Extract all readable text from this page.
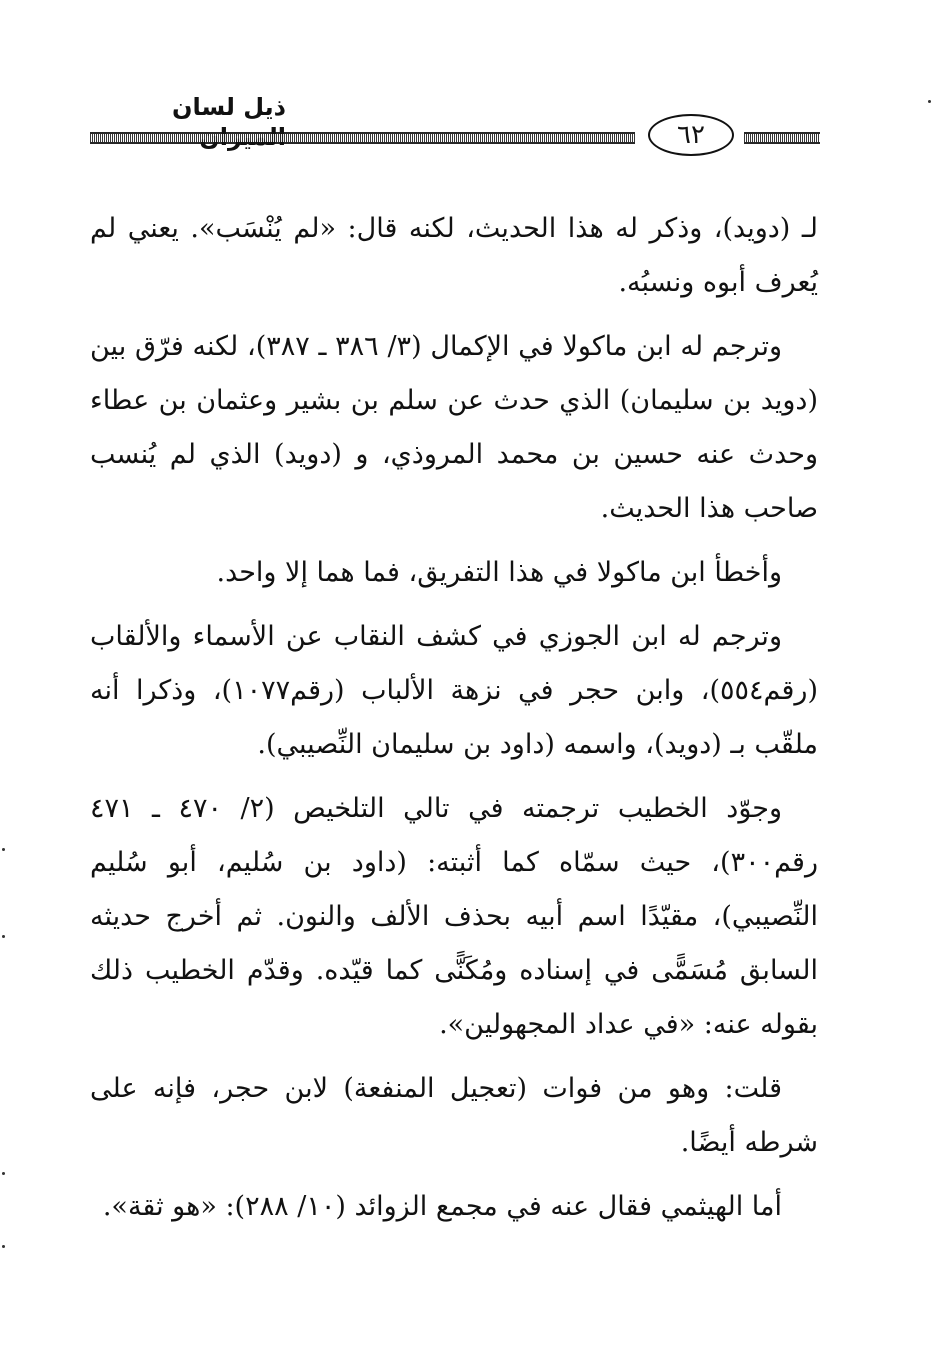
ذيل لسان
٦٢

لـ (دويد)، وذكر له هذا الحديث، لكنه قال: «لم يُنْسَب». يعني لم يُعرف أبوه ونسبُه.

وترجم له ابن ماكولا في الإكمال (٣/ ٣٨٦ ـ ٣٨٧)، لكنه فرّق بين (دويد بن سليمان) الذي حدث عن سلم بن بشير وعثمان بن عطاء وحدث عنه حسين بن محمد المروذي، و (دويد) الذي لم يُنسب صاحب هذا الحديث.

وأخطأ ابن ماكولا في هذا التفريق، فما هما إلا واحد.

وترجم له ابن الجوزي في كشف النقاب عن الأسماء والألقاب (رقم٥٥٤)، وابن حجر في نزهة الألباب (رقم١٠٧٧)، وذكرا أنه ملقّب بـ (دويد)، واسمه (داود بن سليمان النِّصيبي).

وجوّد الخطيب ترجمته في تالي التلخيص (٢/ ٤٧٠ ـ ٤٧١ رقم٣٠٠)، حيث سمّاه كما أثبته: (داود بن سُليم، أبو سُليم النِّصيبي)، مقيّدًا اسم أبيه بحذف الألف والنون. ثم أخرج حديثه السابق مُسَمًّى في إسناده ومُكَنًّى كما قيّده. وقدّم الخطيب ذلك بقوله عنه: «في عداد المجهولين».

قلت: وهو من فوات (تعجيل المنفعة) لابن حجر، فإنه على شرطه أيضًا.

أما الهيثمي فقال عنه في مجمع الزوائد (١٠/ ٢٨٨): «هو ثقة».
